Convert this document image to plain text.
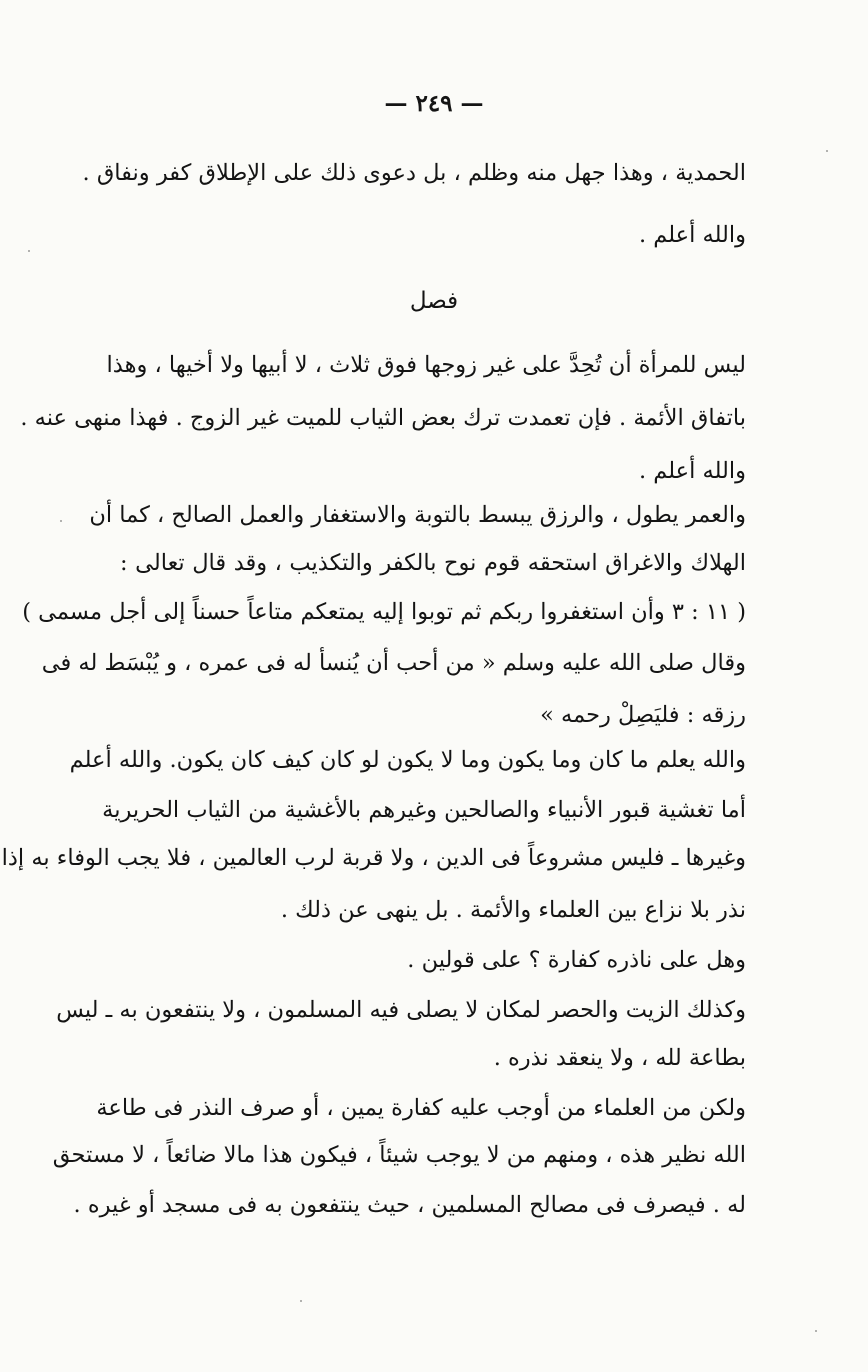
— ٢٤٩ —
الحمدية ، وهذا جهل منه وظلم ، بل دعوى ذلك على الإطلاق كفر ونفاق .
والله أعلم .
فصل
ليس للمرأة أن تُحِدَّ على غير زوجها فوق ثلاث ، لا أبيها ولا أخيها ، وهذا
باتفاق الأئمة . فإن تعمدت ترك بعض الثياب للميت غير الزوج . فهذا منهى عنه .
والله أعلم .
والعمر يطول ، والرزق يبسط بالتوبة والاستغفار والعمل الصالح ، كما أن
الهلاك والاغراق استحقه قوم نوح بالكفر والتكذيب ، وقد قال تعالى :
( ١١ : ٣ وأن استغفروا ربكم ثم توبوا إليه يمتعكم متاعاً حسناً إلى أجل مسمى )
وقال صلى الله عليه وسلم « من أحب أن يُنسأ له فى عمره ، و يُبْسَط له فى
رزقه : فليَصِلْ رحمه »
والله يعلم ما كان وما يكون وما لا يكون لو كان كيف كان يكون. والله أعلم
أما تغشية قبور الأنبياء والصالحين وغيرهم بالأغشية من الثياب الحريرية
وغيرها ـ فليس مشروعاً فى الدين ، ولا قربة لرب العالمين ، فلا يجب الوفاء به إذا
نذر بلا نزاع بين العلماء والأئمة . بل ينهى عن ذلك .
وهل على ناذره كفارة ؟ على قولين .
وكذلك الزيت والحصر لمكان لا يصلى فيه المسلمون ، ولا ينتفعون به ـ ليس
بطاعة لله ، ولا ينعقد نذره .
ولكن من العلماء من أوجب عليه كفارة يمين ، أو صرف النذر فى طاعة
الله نظير هذه ، ومنهم من لا يوجب شيئاً ، فيكون هذا مالا ضائعاً ، لا مستحق
له . فيصرف فى مصالح المسلمين ، حيث ينتفعون به فى مسجد أو غيره .
